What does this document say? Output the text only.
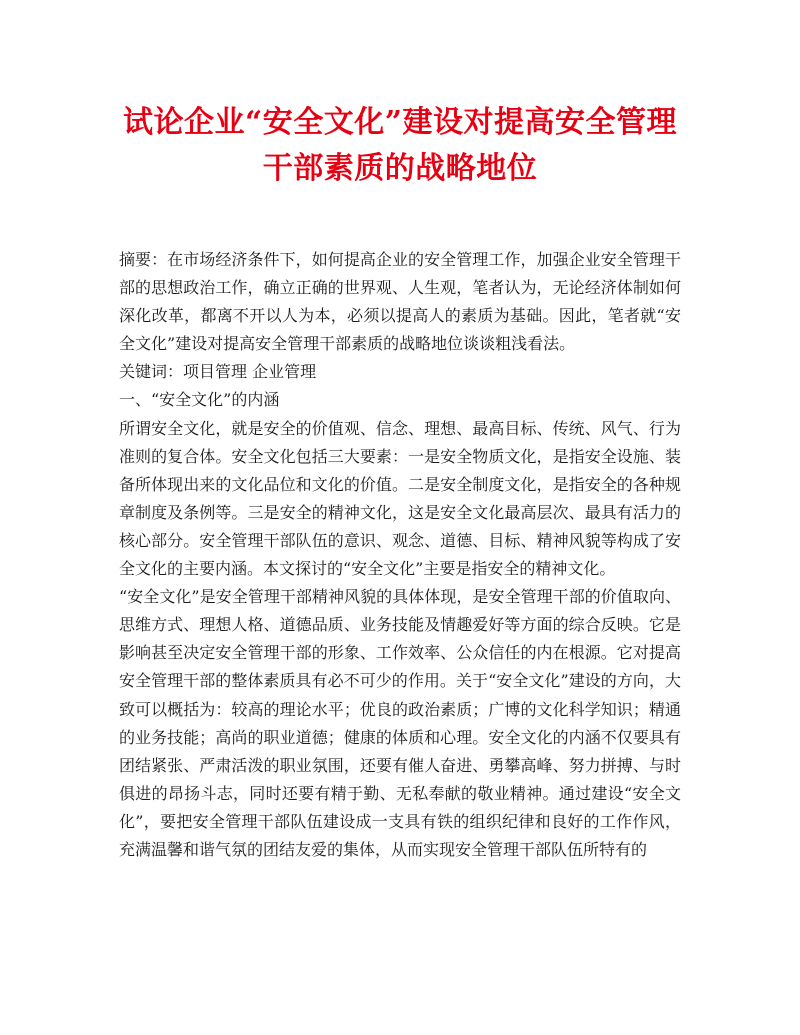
试论企业“安全文化”建设对提高安全管理
干部素质的战略地位

摘要：在市场经济条件下，如何提高企业的安全管理工作，加强企业安全管理干部的思想政治工作，确立正确的世界观、人生观，笔者认为，无论经济体制如何深化改革，都离不开以人为本，必须以提高人的素质为基础。因此，笔者就“安全文化”建设对提高安全管理干部素质的战略地位谈谈粗浅看法。

关键词：项目管理 企业管理

一、“安全文化”的内涵

所谓安全文化，就是安全的价值观、信念、理想、最高目标、传统、风气、行为准则的复合体。安全文化包括三大要素：一是安全物质文化，是指安全设施、装备所体现出来的文化品位和文化的价值。二是安全制度文化，是指安全的各种规章制度及条例等。三是安全的精神文化，这是安全文化最高层次、最具有活力的核心部分。安全管理干部队伍的意识、观念、道德、目标、精神风貌等构成了安全文化的主要内涵。本文探讨的“安全文化”主要是指安全的精神文化。

“安全文化”是安全管理干部精神风貌的具体体现，是安全管理干部的价值取向、思维方式、理想人格、道德品质、业务技能及情趣爱好等方面的综合反映。它是影响甚至决定安全管理干部的形象、工作效率、公众信任的内在根源。它对提高安全管理干部的整体素质具有必不可少的作用。关于“安全文化”建设的方向，大致可以概括为：较高的理论水平；优良的政治素质；广博的文化科学知识；精通的业务技能；高尚的职业道德；健康的体质和心理。安全文化的内涵不仅要具有团结紧张、严肃活泼的职业氛围，还要有催人奋进、勇攀高峰、努力拼搏、与时俱进的昂扬斗志，同时还要有精于勤、无私奉献的敬业精神。通过建设“安全文化”，要把安全管理干部队伍建设成一支具有铁的组织纪律和良好的工作作风，充满温馨和谐气氛的团结友爱的集体，从而实现安全管理干部队伍所特有的
